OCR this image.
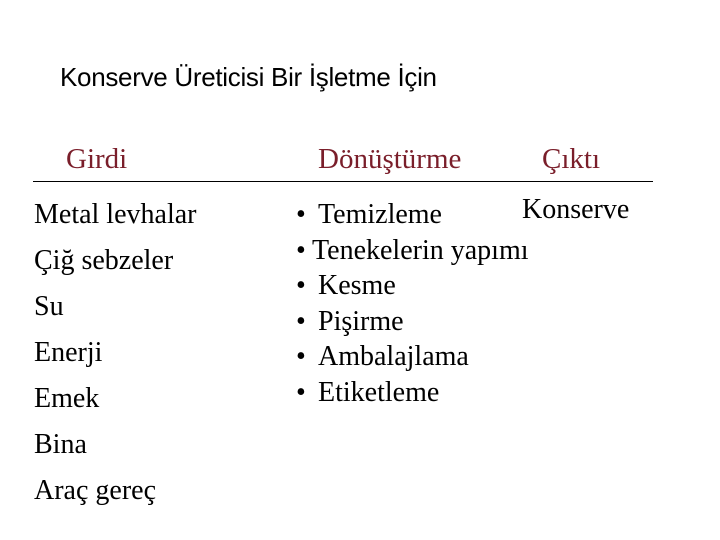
Konserve Üreticisi Bir İşletme İçin
Girdi	Dönüştürme	Çıktı
Metal levhalar
Çiğ sebzeler
Su
Enerji
Emek
Bina
Araç gereç
• Temizleme
• Tenekelerin yapımı
• Kesme
• Pişirme
• Ambalajlama
• Etiketleme
Konserve
